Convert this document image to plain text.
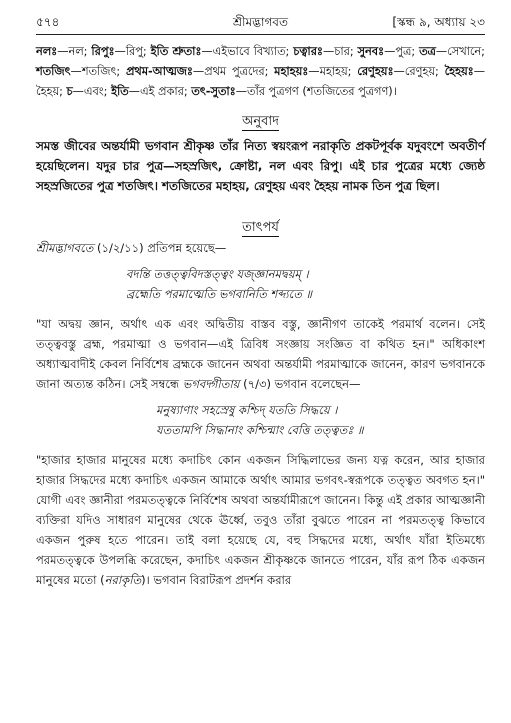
৫৭৪	শ্রীমদ্ভাগবত	[স্কন্ধ ৯, অধ্যায় ২৩

নলঃ—নল; রিপুঃ—রিপু; ইতি শ্রুতাঃ—এইভাবে বিখ্যাত; চত্বারঃ—চার; সুনবঃ—পুত্র; তত্র—সেখানে; শতজিৎ—শতজিৎ; প্রথম-আত্মজঃ—প্রথম পুত্রদের; মহাহয়ঃ—মহাহয়; রেণুহয়ঃ—রেণুহয়; হৈহয়ঃ—হৈহয়; চ—এবং; ইতি—এই প্রকার; তৎ-সুতাঃ—তাঁর পুত্রগণ (শতজিতের পুত্রগণ)।

অনুবাদ

সমস্ত জীবের অন্তর্যামী ভগবান শ্রীকৃষ্ণ তাঁর নিত্য স্বয়ংরূপ নরাকৃতি প্রকটপূর্বক যদুবংশে অবতীর্ণ হয়েছিলেন। যদুর চার পুত্র—সহস্রজিৎ, ক্রোষ্টা, নল এবং রিপু। এই চার পুত্রের মধ্যে জ্যেষ্ঠ সহস্রজিতের পুত্র শতজিৎ। শতজিতের মহাহয়, রেণুহয় এবং হৈহয় নামক তিন পুত্র ছিল।

তাৎপর্য

শ্রীমদ্ভাগবতে (১/২/১১) প্রতিপন্ন হয়েছে—

বদন্তি তত্তত্ত্ববিদস্তত্ত্বং যজ্জ্ঞানমদ্বয়ম্ ।

ব্রহ্মেতি পরমাত্মেতি ভগবানিতি শব্দ্যতে ॥

"যা অদ্বয় জ্ঞান, অর্থাৎ এক এবং অদ্বিতীয় বাস্তব বস্তু, জ্ঞানীগণ তাকেই পরমার্থ বলেন। সেই তত্ত্ববস্তু ব্রহ্ম, পরমাত্মা ও ভগবান—এই ত্রিবিধ সংজ্ঞায় সংজ্ঞিত বা কথিত হন।" অধিকাংশ অধ্যাত্মবাদীই কেবল নির্বিশেষ ব্রহ্মকে জানেন অথবা অন্তর্যামী পরমাত্মাকে জানেন, কারণ ভগবানকে জানা অত্যন্ত কঠিন। সেই সম্বন্ধে ভগবদ্গীতায় (৭/৩) ভগবান বলেছেন—

মনুষ্যাণাং সহস্রেষু কশ্চিদ্ যততি সিদ্ধয়ে ।

যততামপি সিদ্ধানাং কশ্চিন্মাং বেত্তি তত্ত্বতঃ ॥

"হাজার হাজার মানুষের মধ্যে কদাচিৎ কোন একজন সিদ্ধিলাভের জন্য যত্ন করেন, আর হাজার হাজার সিদ্ধদের মধ্যে কদাচিৎ একজন আমাকে অর্থাৎ আমার ভগবৎ-স্বরূপকে তত্ত্বত অবগত হন।" যোগী এবং জ্ঞানীরা পরমতত্ত্বকে নির্বিশেষ অথবা অন্তর্যামীরূপে জানেন। কিন্তু এই প্রকার আত্মজ্ঞানী ব্যক্তিরা যদিও সাধারণ মানুষের থেকে ঊর্ধ্বে, তবুও তাঁরা বুঝতে পারেন না পরমতত্ত্ব কিভাবে একজন পুরুষ হতে পারেন। তাই বলা হয়েছে যে, বহু সিদ্ধদের মধ্যে, অর্থাৎ যাঁরা ইতিমধ্যে পরমতত্ত্বকে উপলব্ধি করেছেন, কদাচিৎ একজন শ্রীকৃষ্ণকে জানতে পারেন, যাঁর রূপ ঠিক একজন মানুষের মতো (নরাকৃতি)। ভগবান বিরাটরূপ প্রদর্শন করার
